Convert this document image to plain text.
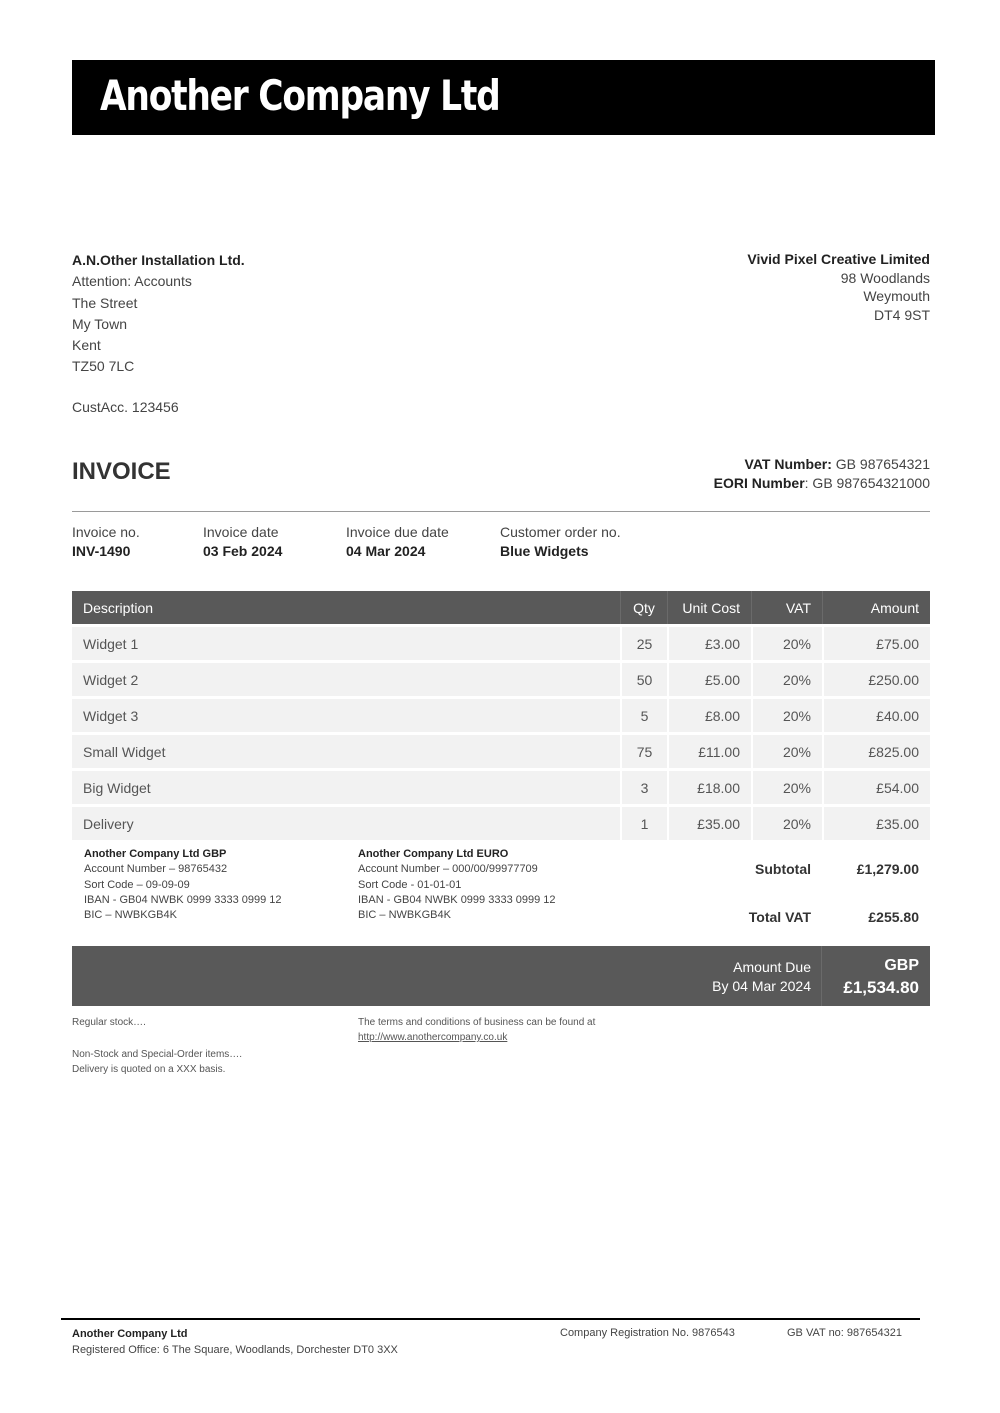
Another Company Ltd
A.N.Other Installation Ltd.
Attention: Accounts
The Street
My Town
Kent
TZ50 7LC
CustAcc. 123456
Vivid Pixel Creative Limited
98 Woodlands
Weymouth
DT4 9ST
INVOICE	VAT Number: GB 987654321
EORI Number: GB 987654321000
Invoice no.
INV-1490
Invoice date
03 Feb 2024
Invoice due date
04 Mar 2024
Customer order no.
Blue Widgets
Description	Qty	Unit Cost	VAT	Amount
Widget 1	25	£3.00	20%	£75.00
Widget 2	50	£5.00	20%	£250.00
Widget 3	5	£8.00	20%	£40.00
Small Widget	75	£11.00	20%	£825.00
Big Widget	3	£18.00	20%	£54.00
Delivery	1	£35.00	20%	£35.00
Another Company Ltd GBP
Account Number – 98765432
Sort Code – 09-09-09
IBAN - GB04 NWBK 0999 3333 0999 12
BIC – NWBKGB4K
Another Company Ltd EURO
Account Number – 000/00/99977709
Sort Code - 01-01-01
IBAN - GB04 NWBK 0999 3333 0999 12
BIC – NWBKGB4K
Subtotal	£1,279.00
Total VAT	£255.80
Amount Due
By 04 Mar 2024
GBP
£1,534.80
Regular stock….
Non-Stock and Special-Order items….
Delivery is quoted on a XXX basis.
The terms and conditions of business can be found at
http://www.anothercompany.co.uk
Another Company Ltd
Registered Office: 6 The Square, Woodlands, Dorchester DT0 3XX
Company Registration No. 9876543	GB VAT no: 987654321
